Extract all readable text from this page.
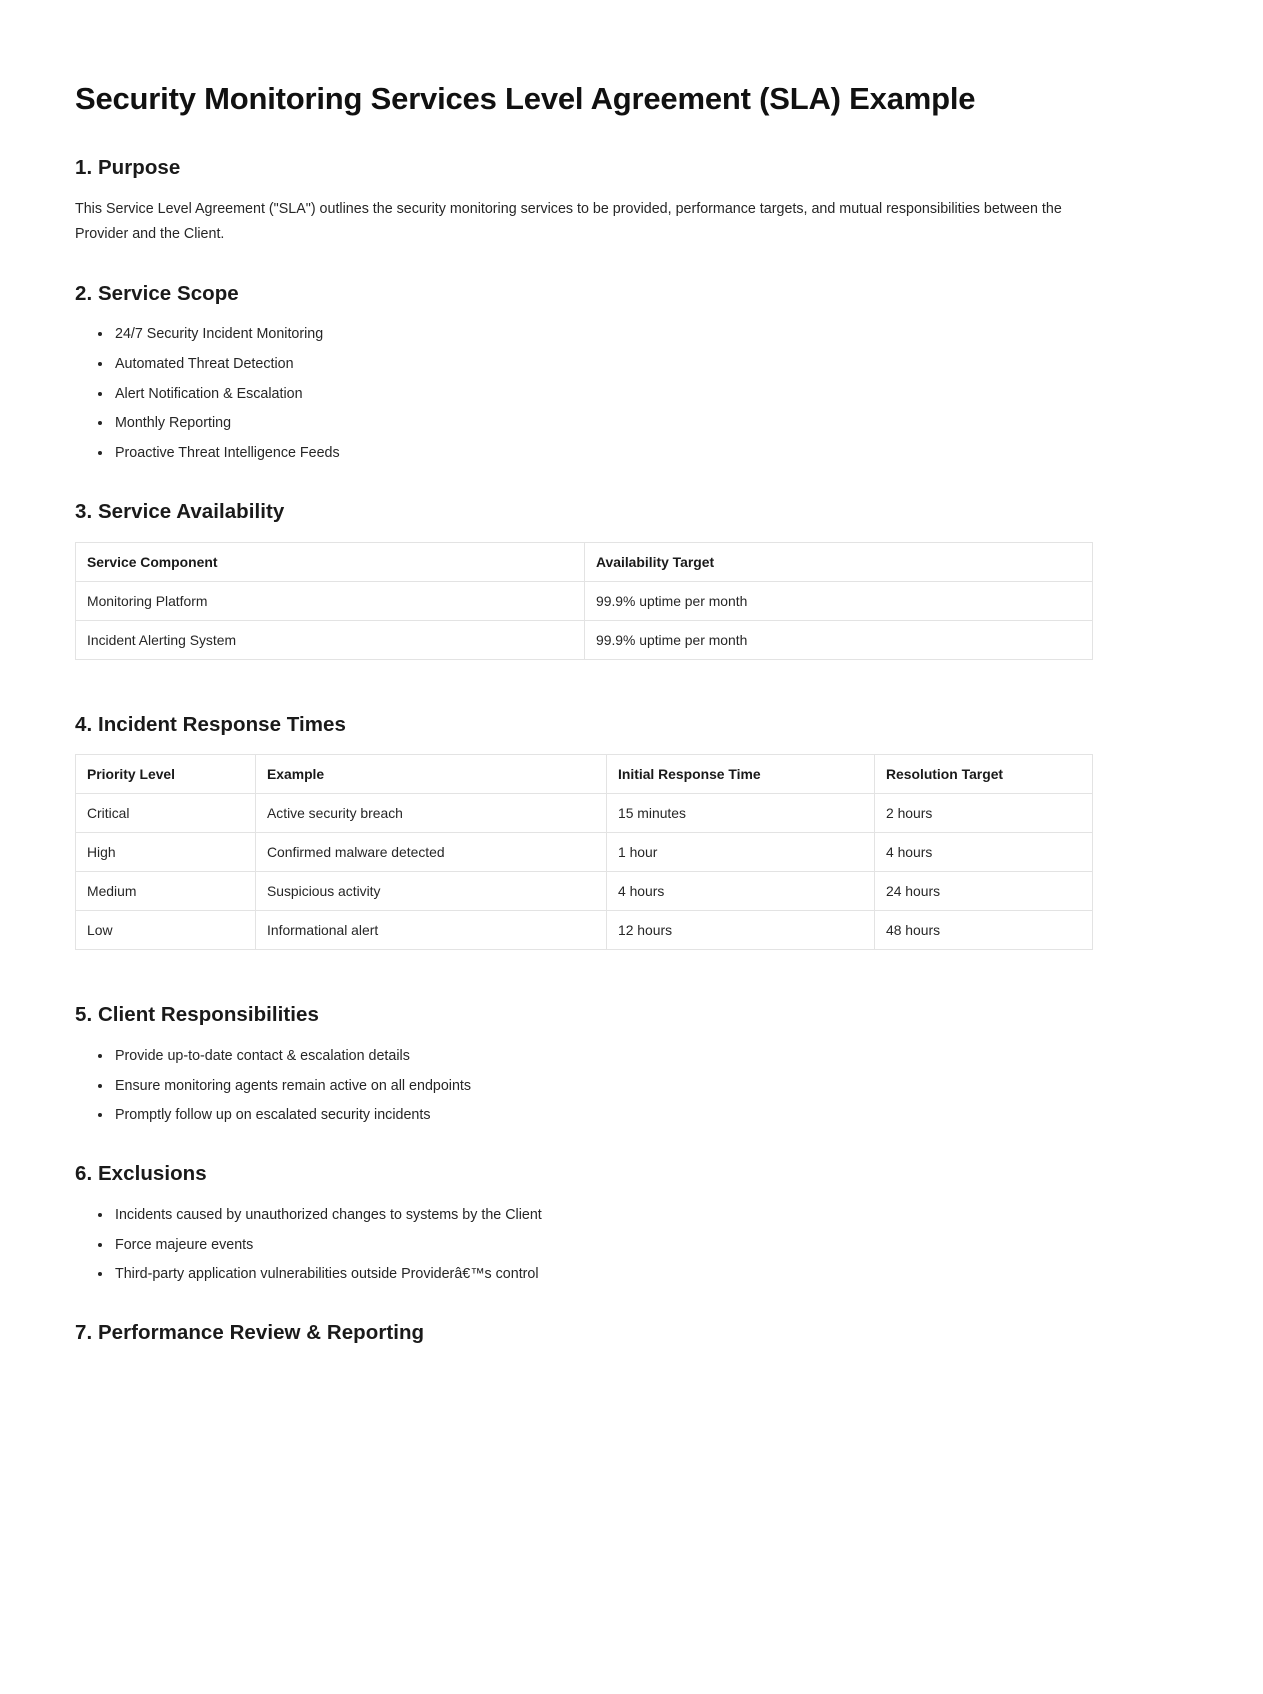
Security Monitoring Services Level Agreement (SLA) Example
1. Purpose

This Service Level Agreement ("SLA") outlines the security monitoring services to be provided, performance targets, and mutual responsibilities between the Provider and the Client.

2. Service Scope
• 24/7 Security Incident Monitoring
• Automated Threat Detection
• Alert Notification & Escalation
• Monthly Reporting
• Proactive Threat Intelligence Feeds
3. Service Availability
Service Component	Availability Target
Monitoring Platform	99.9% uptime per month
Incident Alerting System	99.9% uptime per month
4. Incident Response Times
Priority Level	Example	Initial Response Time	Resolution Target
Critical	Active security breach	15 minutes	2 hours
High	Confirmed malware detected	1 hour	4 hours
Medium	Suspicious activity	4 hours	24 hours
Low	Informational alert	12 hours	48 hours
5. Client Responsibilities
• Provide up-to-date contact & escalation details
• Ensure monitoring agents remain active on all endpoints
• Promptly follow up on escalated security incidents
6. Exclusions
• Incidents caused by unauthorized changes to systems by the Client
• Force majeure events
• Third-party application vulnerabilities outside Providerâ€™s control
7. Performance Review & Reporting
